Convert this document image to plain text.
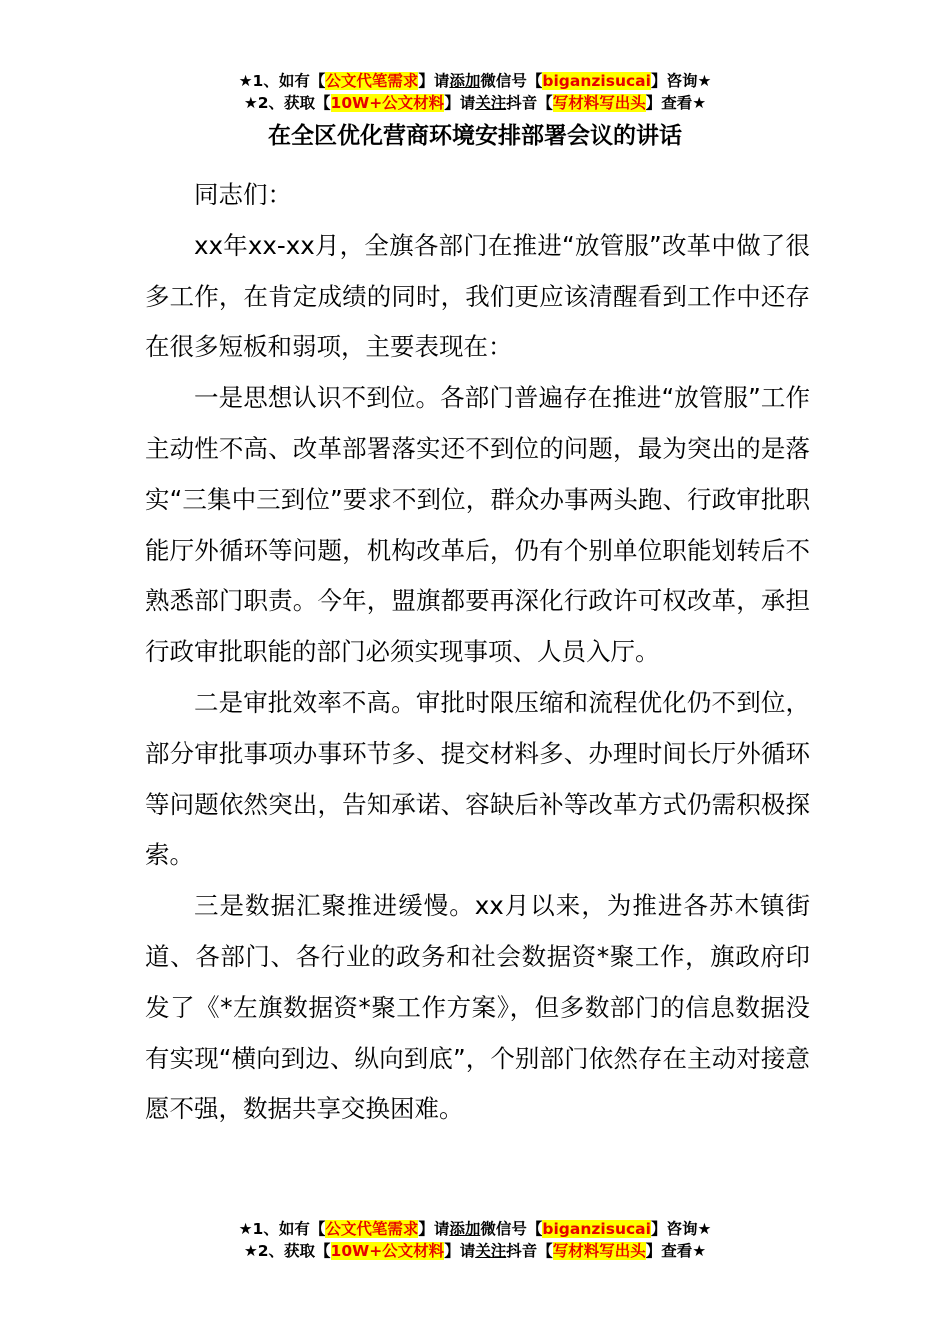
★1、如有【公文代笔需求】请添加微信号【biganzisucai】咨询★
★2、获取【10W+公文材料】请关注抖音【写材料写出头】查看★
在全区优化营商环境安排部署会议的讲话

同志们：

xx年xx-xx月，全旗各部门在推进“放管服”改革中做了很多工作，在肯定成绩的同时，我们更应该清醒看到工作中还存在很多短板和弱项，主要表现在：

一是思想认识不到位。各部门普遍存在推进“放管服”工作主动性不高、改革部署落实还不到位的问题，最为突出的是落实“三集中三到位”要求不到位，群众办事两头跑、行政审批职能厅外循环等问题，机构改革后，仍有个别单位职能划转后不熟悉部门职责。今年，盟旗都要再深化行政许可权改革，承担行政审批职能的部门必须实现事项、人员入厅。

二是审批效率不高。审批时限压缩和流程优化仍不到位，部分审批事项办事环节多、提交材料多、办理时间长厅外循环等问题依然突出，告知承诺、容缺后补等改革方式仍需积极探索。

三是数据汇聚推进缓慢。xx月以来，为推进各苏木镇街道、各部门、各行业的政务和社会数据资*聚工作，旗政府印发了《*左旗数据资*聚工作方案》，但多数部门的信息数据没有实现“横向到边、纵向到底”，个别部门依然存在主动对接意愿不强，数据共享交换困难。

★1、如有【公文代笔需求】请添加微信号【biganzisucai】咨询★
★2、获取【10W+公文材料】请关注抖音【写材料写出头】查看★
